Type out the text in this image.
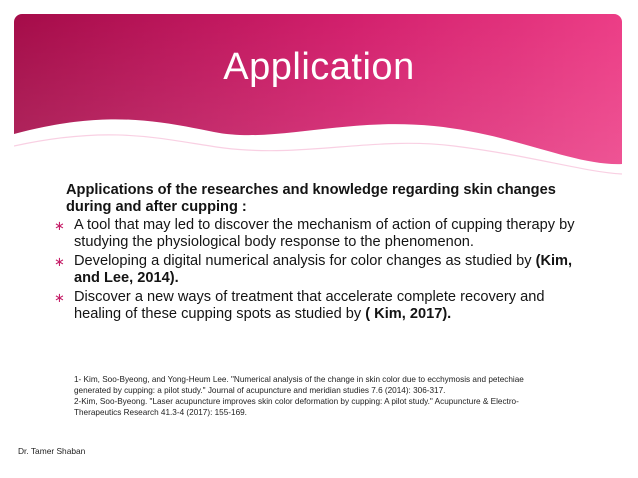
Application

Applications of the researches and knowledge regarding skin changes during and after cupping :

∗ A tool that may led to discover the mechanism of action of cupping therapy by studying the physiological body response to the phenomenon.
∗ Developing a digital numerical analysis for color changes as studied by (Kim, and Lee, 2014).
∗ Discover a new ways of treatment that accelerate complete recovery and healing of these cupping spots as studied by ( Kim, 2017).

1- Kim, Soo-Byeong, and Yong-Heum Lee. "Numerical analysis of the change in skin color due to ecchymosis and petechiae generated by cupping: a pilot study." Journal of acupuncture and meridian studies 7.6 (2014): 306-317.

2-Kim, Soo-Byeong. "Laser acupuncture improves skin color deformation by cupping: A pilot study." Acupuncture & Electro-Therapeutics Research 41.3-4 (2017): 155-169.

Dr. Tamer Shaban
